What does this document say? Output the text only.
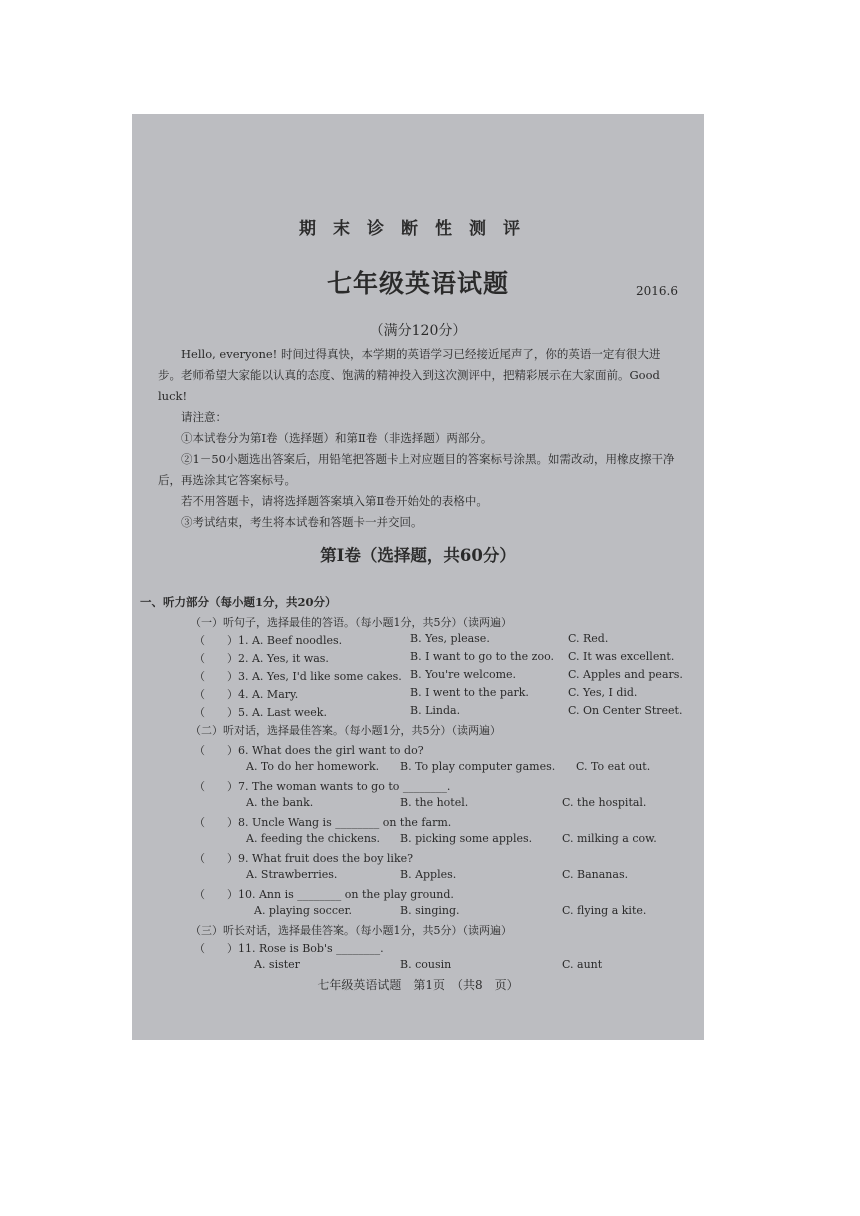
期末诊断性测评
七年级英语试题	2016.6
（满分120分）

Hello, everyone! 时间过得真快，本学期的英语学习已经接近尾声了，你的英语一定有很大进步。老师希望大家能以认真的态度、饱满的精神投入到这次测评中，把精彩展示在大家面前。Good luck!

请注意：

①本试卷分为第Ⅰ卷（选择题）和第Ⅱ卷（非选择题）两部分。

②1－50小题选出答案后，用铅笔把答题卡上对应题目的答案标号涂黑。如需改动，用橡皮擦干净后，再选涂其它答案标号。

若不用答题卡，请将选择题答案填入第Ⅱ卷开始处的表格中。

③考试结束，考生将本试卷和答题卡一并交回。

第Ⅰ卷（选择题，共60分）
一、听力部分（每小题1分，共20分）
（一）听句子，选择最佳的答语。（每小题1分，共5分）（读两遍）
（　　）1. A. Beef noodles.	B. Yes, please.	C. Red.
（　　）2. A. Yes, it was.	B. I want to go to the zoo. C. It was excellent.
（　　）3. A. Yes, I'd like some cakes. B. You're welcome.	C. Apples and pears.
（　　）4. A. Mary.	B. I went to the park.	C. Yes, I did.
（　　）5. A. Last week.	B. Linda.	C. On Center Street.
（二）听对话，选择最佳答案。（每小题1分，共5分）（读两遍）
（　　）6. What does the girl want to do?
A. To do her homework. B. To play computer games. C. To eat out.
（　　）7. The woman wants to go to ________.
A. the bank.	B. the hotel.	C. the hospital.
（　　）8. Uncle Wang is ________ on the farm.
A. feeding the chickens. B. picking some apples.	C. milking a cow.
（　　）9. What fruit does the boy like?
A. Strawberries.	B. Apples.	C. Bananas.
（　　）10. Ann is ________ on the play ground.
A. playing soccer.	B. singing.	C. flying a kite.
（三）听长对话，选择最佳答案。（每小题1分，共5分）（读两遍）
（　　）11. Rose is Bob's ________.
A. sister	B. cousin	C. aunt
七年级英语试题　第1页　（共8　页）
